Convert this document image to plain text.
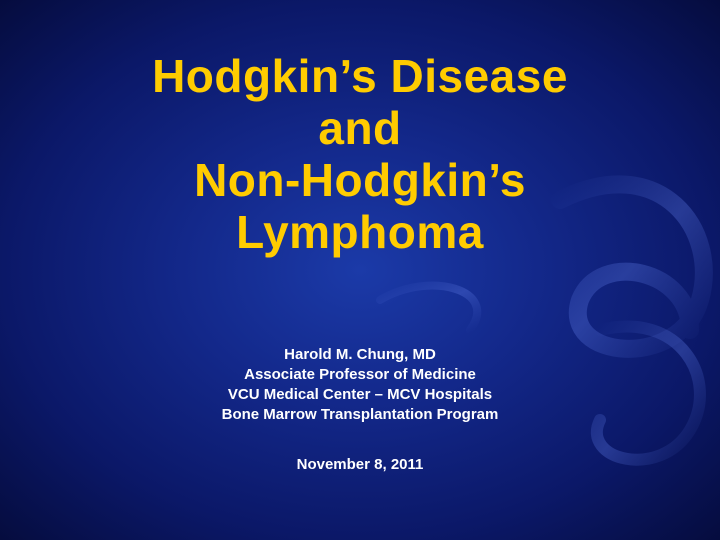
Hodgkin’s Disease
and
Non-Hodgkin’s
Lymphoma
Harold M. Chung, MD
Associate Professor of Medicine
VCU Medical Center – MCV Hospitals
Bone Marrow Transplantation Program
November 8, 2011
